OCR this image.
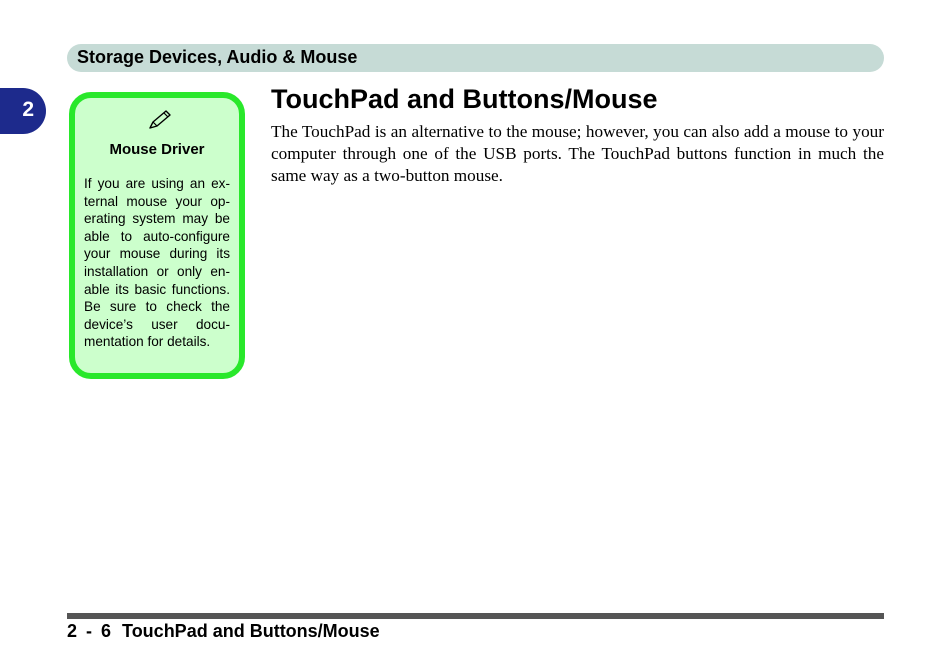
Storage Devices, Audio & Mouse
2
Mouse Driver
If you are using an external mouse your operating system may be able to auto-configure your mouse during its installation or only enable its basic functions. Be sure to check the device’s user documentation for details.
TouchPad and Buttons/Mouse

The TouchPad is an alternative to the mouse; however, you can also add a mouse to your computer through one of the USB ports. The TouchPad buttons function in much the same way as a two-button mouse.

2 - 6 TouchPad and Buttons/Mouse
